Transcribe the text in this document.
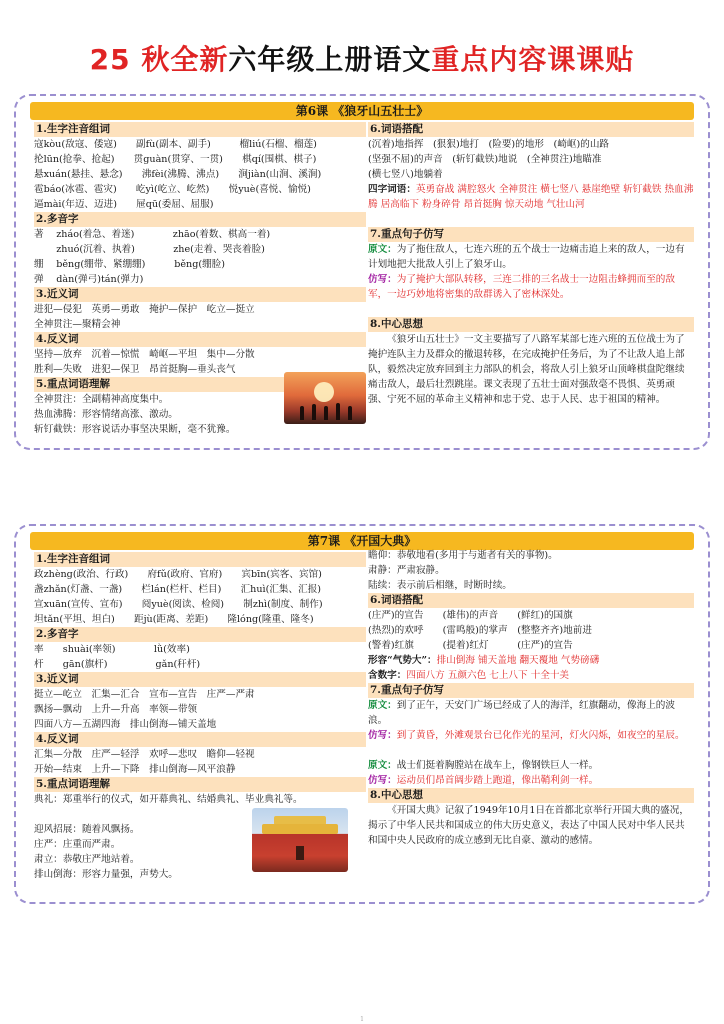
25 秋全新六年级上册语文重点内容课课贴
第6课 《狼牙山五壮士》
1.生字注音组词
寇kòu(敌寇、倭寇)　　副fù(副本、副手)　　　榴liú(石榴、榴莲)
抡lūn(抢拳、抢起)　　贯guàn(贯穿、一贯)　　棋qí(围棋、棋子)
悬xuán(悬挂、悬念)　　沸fèi(沸腾、沸点)　　涧jiàn(山涧、溪涧)
雹báo(冰雹、雹灾)　　屹yì(屹立、屹然)　　悦yuè(喜悦、愉悦)
逼mài(年迈、迈进)　　屉qū(委屈、屈服)
2.多音字
著　 zháo(着急、着迷)　　　　zhāo(着数、棋高一着)
　　 zhuó(沉着、执着)　　　　zhe(走着、哭丧着脸)
绷　 běng(绷带、紧绷绷)　　　běng(绷脸)
弹　 dàn(弹弓)tán(弹力)
3.近义词
进犯—侵犯　英勇—勇敢　掩护—保护　屹立—挺立
全神贯注—聚精会神
4.反义词
坚持—放弃　沉着—惊慌　崎岖—平坦　集中—分散
胜利—失败　进犯—保卫　昂首挺胸—垂头丧气
5.重点词语理解
全神贯注：全副精神高度集中。
热血沸腾：形容情绪高涨、激动。
斩钉截铁：形容说话办事坚决果断，毫不犹豫。
6.词语搭配
(沉着)地指挥　(狠狠)地打　(险要)的地形　(崎岖)的山路
(坚强不屈)的声音　(斩钉截铁)地说　(全神贯注)地瞄准
(横七竖八)地躺着
四字词语：英勇奋战 满腔怒火 全神贯注 横七竖八 悬崖绝壁 斩钉截铁 热血沸腾 居高临下 粉身碎骨 昂首挺胸 惊天动地 气壮山河
7.重点句子仿写
原文：为了拖住敌人，七连六班的五个战士一边痛击追上来的敌人，一边有计划地把大批敌人引上了狼牙山。
仿写：为了掩护大部队转移，三连二排的三名战士一边阻击蜂拥而至的敌军，一边巧妙地将密集的敌群诱入了密林深处。
8.中心思想
《狼牙山五壮士》一文主要描写了八路军某部七连六班的五位战士为了掩护连队主力及群众的撤退转移，在完成掩护任务后，为了不让敌人追上部队，毅然决定放弃回到主力部队的机会，将敌人引上狼牙山顶峰棋盘陀继续痛击敌人，最后壮烈跳崖。课文表现了五壮士面对强敌毫不畏惧、英勇顽强、宁死不屈的革命主义精神和忠于党、忠于人民、忠于祖国的精神。
第7课 《开国大典》
1.生字注音组词
政zhèng(政治、行政)　　府fǔ(政府、官府)　　宾bīn(宾客、宾馆)
盏zhǎn(灯盏、一盏)　　栏lán(栏杆、栏目)　　汇huì(汇集、汇报)
宣xuān(宣传、宣布)　　阅yuè(阅读、检阅)　　制zhì(制度、制作)
坦tǎn(平坦、坦白)　　距jù(距离、差距)　　隆lóng(隆重、隆冬)
2.多音字
率　　shuài(率领)　　　　lǜ(效率)
杆　　gān(旗杆)　　　　　gǎn(秆杆)
3.近义词
挺立—屹立　汇集—汇合　宣布—宣告　庄严—严肃
飘扬—飘动　上升—升高　率领—带领
四面八方—五湖四海　排山倒海—铺天盖地
4.反义词
汇集—分散　庄严—轻浮　欢呼—悲叹　瞻仰—轻视
开始—结束　上升—下降　排山倒海—风平浪静
5.重点词语理解
典礼：郑重举行的仪式，如开幕典礼、结婚典礼、毕业典礼等。
迎风招展：随着风飘扬。
庄严：庄重而严肃。
肃立：恭敬庄严地站着。
排山倒海：形容力量强，声势大。
瞻仰：恭敬地看(多用于与逝者有关的事物)。
肃静：严肃寂静。
陆续：表示前后相继，时断时续。
6.词语搭配
(庄严)的宣告　　(雄伟)的声音　　(鲜红)的国旗
(热烈)的欢呼　　(雷鸣般)的掌声　(整整齐齐)地前进
(警着)红旗　　　(提着)红灯　　　(庄严)的宣告
形容“气势大”：排山倒海 铺天盖地 翻天覆地 气势磅礴
含数字：四面八方 五颜六色 七上八下 十全十美
7.重点句子仿写
原文：到了正午，天安门广场已经成了人的海洋，红旗翻动，像海上的波浪。
仿写：到了黄昏，外滩观景台已化作光的星河，灯火闪烁，如夜空的星辰。
原文：战士们挺着胸膛站在战车上，像钢铁巨人一样。
仿写：运动员们昂首阔步踏上跑道，像出鞘利剑一样。
8.中心思想
《开国大典》记叙了1949年10月1日在首都北京举行开国大典的盛况，揭示了中华人民共和国成立的伟大历史意义，表达了中国人民对中华人民共和国中央人民政府的成立感到无比自豪、激动的感情。
1
